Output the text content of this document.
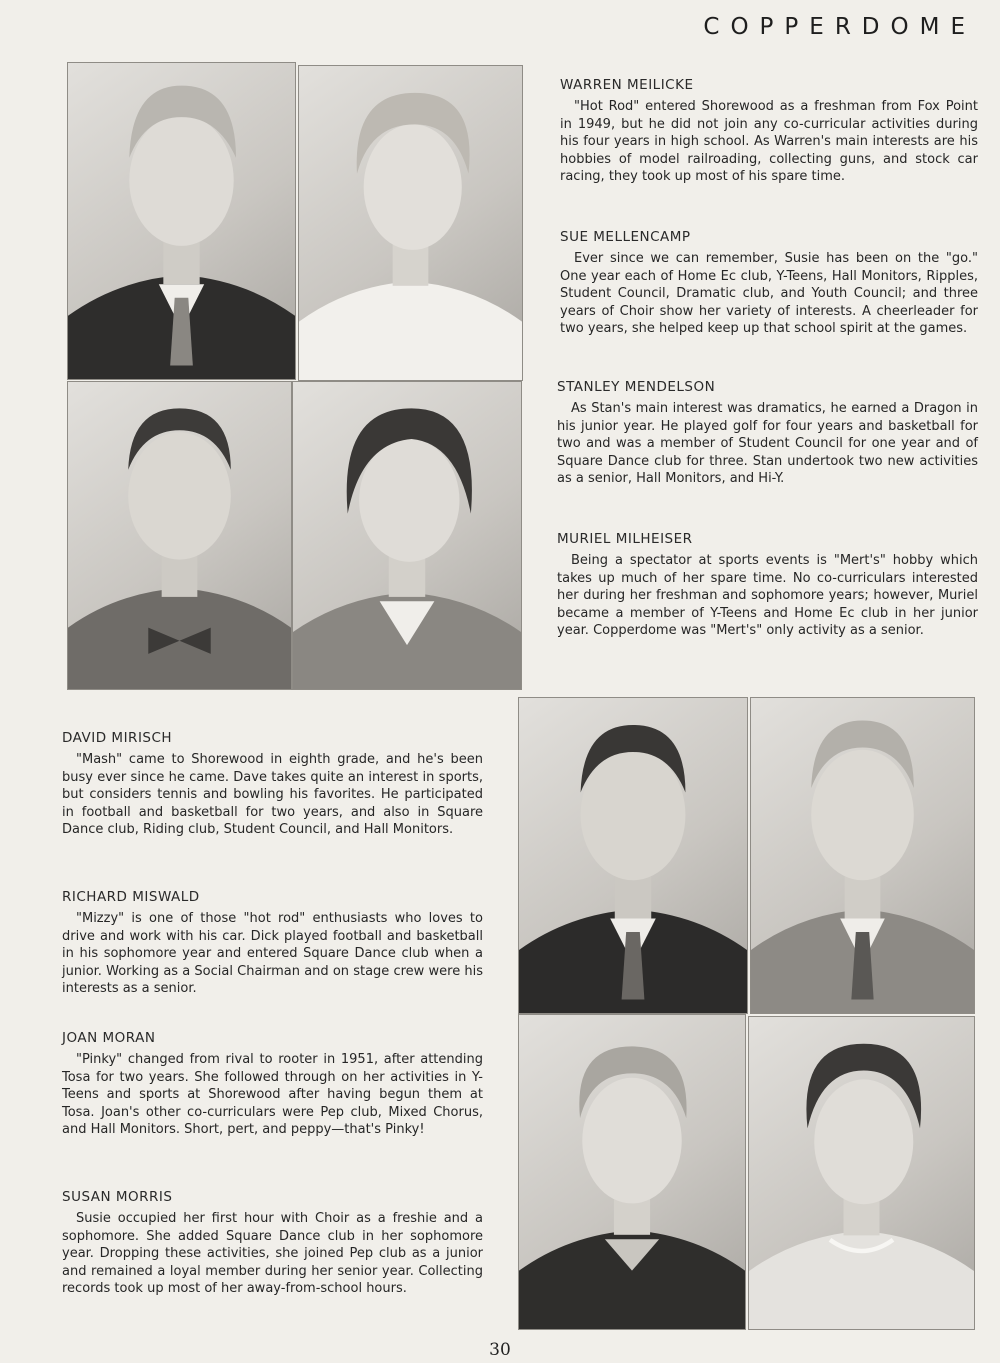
COPPERDOME
WARREN MEILICKE

"Hot Rod" entered Shorewood as a freshman from Fox Point in 1949, but he did not join any co-curricular activities during his four years in high school. As Warren's main interests are his hobbies of model railroading, collecting guns, and stock car racing, they took up most of his spare time.

SUE MELLENCAMP

Ever since we can remember, Susie has been on the "go." One year each of Home Ec club, Y-Teens, Hall Monitors, Ripples, Student Council, Dramatic club, and Youth Council; and three years of Choir show her variety of interests. A cheerleader for two years, she helped keep up that school spirit at the games.

STANLEY MENDELSON

As Stan's main interest was dramatics, he earned a Dragon in his junior year. He played golf for four years and basketball for two and was a member of Student Council for one year and of Square Dance club for three. Stan undertook two new activities as a senior, Hall Monitors, and Hi-Y.

MURIEL MILHEISER

Being a spectator at sports events is "Mert's" hobby which takes up much of her spare time. No co-curriculars interested her during her freshman and sophomore years; however, Muriel became a member of Y-Teens and Home Ec club in her junior year. Copperdome was "Mert's" only activity as a senior.

DAVID MIRISCH

"Mash" came to Shorewood in eighth grade, and he's been busy ever since he came. Dave takes quite an interest in sports, but considers tennis and bowling his favorites. He participated in football and basketball for two years, and also in Square Dance club, Riding club, Student Council, and Hall Monitors.

RICHARD MISWALD

"Mizzy" is one of those "hot rod" enthusiasts who loves to drive and work with his car. Dick played football and basketball in his sophomore year and entered Square Dance club when a junior. Working as a Social Chairman and on stage crew were his interests as a senior.

JOAN MORAN

"Pinky" changed from rival to rooter in 1951, after attending Tosa for two years. She followed through on her activities in Y-Teens and sports at Shorewood after having begun them at Tosa. Joan's other co-curriculars were Pep club, Mixed Chorus, and Hall Monitors. Short, pert, and peppy—that's Pinky!

SUSAN MORRIS

Susie occupied her first hour with Choir as a freshie and a sophomore. She added Square Dance club in her sophomore year. Dropping these activities, she joined Pep club as a junior and remained a loyal member during her senior year. Collecting records took up most of her away-from-school hours.

30
